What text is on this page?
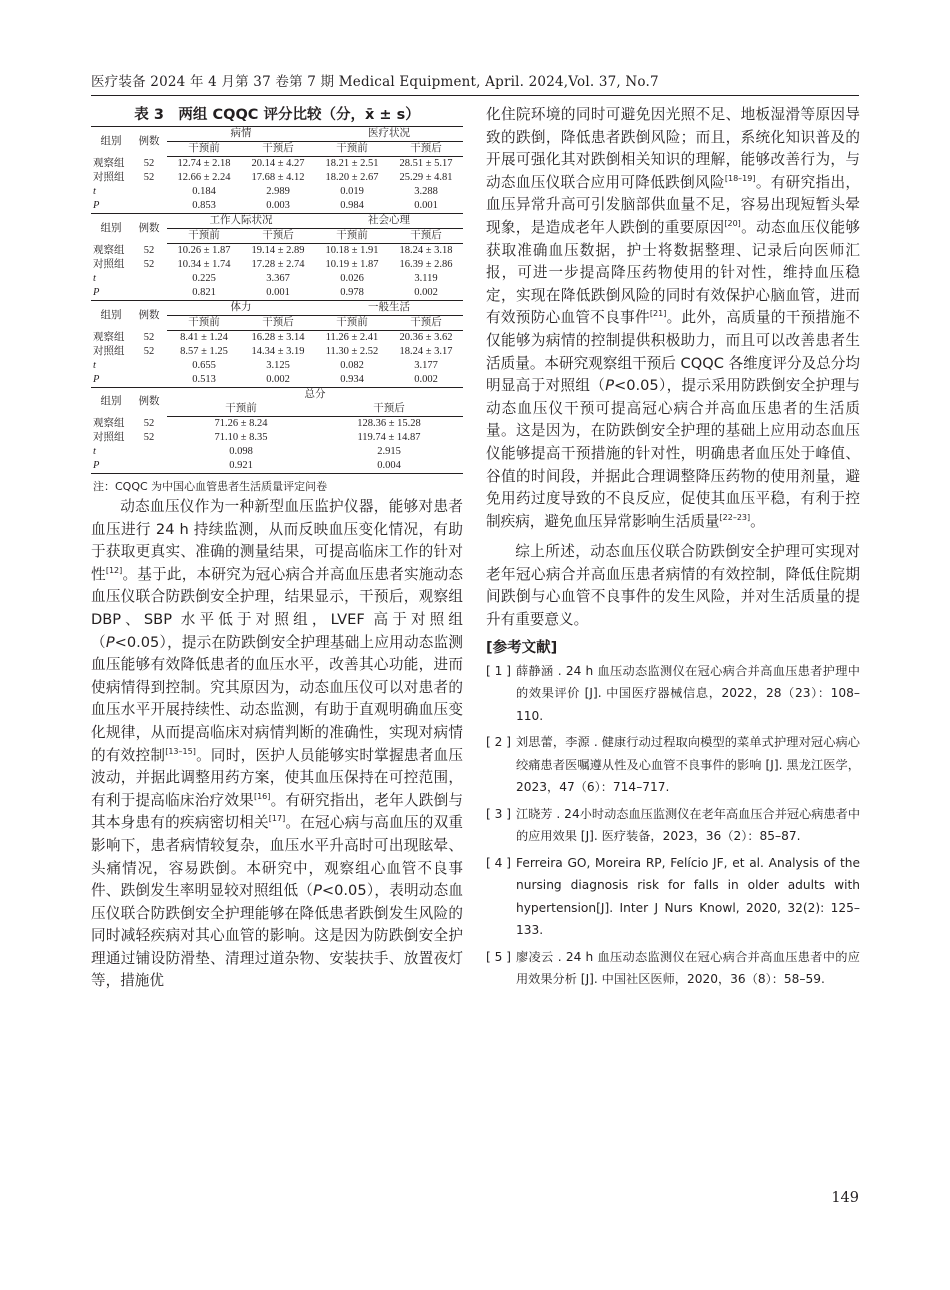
医疗装备 2024 年 4 月第 37 卷第 7 期 Medical Equipment, April. 2024,Vol. 37, No.7
表 3　两组 CQQC 评分比较（分，x̄ ± s）
组别	例数	病情		医疗状况	
		干预前	干预后	干预前	干预后
观察组	52	12.74 ± 2.18	20.14 ± 4.27	18.21 ± 2.51	28.51 ± 5.17
对照组	52	12.66 ± 2.24	17.68 ± 4.12	18.20 ± 2.67	25.29 ± 4.81
t		0.184	2.989	0.019	3.288
P		0.853	0.003	0.984	0.001
组别	例数	工作人际状况		社会心理	
		干预前	干预后	干预前	干预后
观察组	52	10.26 ± 1.87	19.14 ± 2.89	10.18 ± 1.91	18.24 ± 3.18
对照组	52	10.34 ± 1.74	17.28 ± 2.74	10.19 ± 1.87	16.39 ± 2.86
t		0.225	3.367	0.026	3.119
P		0.821	0.001	0.978	0.002
组别	例数	体力		一般生活	
		干预前	干预后	干预前	干预后
观察组	52	8.41 ± 1.24	16.28 ± 3.14	11.26 ± 2.41	20.36 ± 3.62
对照组	52	8.57 ± 1.25	14.34 ± 3.19	11.30 ± 2.52	18.24 ± 3.17
t		0.655	3.125	0.082	3.177
P		0.513	0.002	0.934	0.002
组别	例数	总分			
		干预前		干预后	
观察组	52	71.26 ± 8.24		128.36 ± 15.28	
对照组	52	71.10 ± 8.35		119.74 ± 14.87	
t		0.098		2.915	
P		0.921		0.004	
注：CQQC 为中国心血管患者生活质量评定问卷

动态血压仪作为一种新型血压监护仪器，能够对患者血压进行 24 h 持续监测，从而反映血压变化情况，有助于获取更真实、准确的测量结果，可提高临床工作的针对性[12]。基于此，本研究为冠心病合并高血压患者实施动态血压仪联合防跌倒安全护理，结果显示，干预后，观察组 DBP、SBP 水平低于对照组，LVEF 高于对照组（P<0.05），提示在防跌倒安全护理基础上应用动态监测血压能够有效降低患者的血压水平，改善其心功能，进而使病情得到控制。究其原因为，动态血压仪可以对患者的血压水平开展持续性、动态监测，有助于直观明确血压变化规律，从而提高临床对病情判断的准确性，实现对病情的有效控制[13–15]。同时，医护人员能够实时掌握患者血压波动，并据此调整用药方案，使其血压保持在可控范围，有利于提高临床治疗效果[16]。有研究指出，老年人跌倒与其本身患有的疾病密切相关[17]。在冠心病与高血压的双重影响下，患者病情较复杂，血压水平升高时可出现眩晕、头痛情况，容易跌倒。本研究中，观察组心血管不良事件、跌倒发生率明显较对照组低（P<0.05），表明动态血压仪联合防跌倒安全护理能够在降低患者跌倒发生风险的同时减轻疾病对其心血管的影响。这是因为防跌倒安全护理通过铺设防滑垫、清理过道杂物、安装扶手、放置夜灯等，措施优

化住院环境的同时可避免因光照不足、地板湿滑等原因导致的跌倒，降低患者跌倒风险；而且，系统化知识普及的开展可强化其对跌倒相关知识的理解，能够改善行为，与动态血压仪联合应用可降低跌倒风险[18–19]。有研究指出，血压异常升高可引发脑部供血量不足，容易出现短暂头晕现象，是造成老年人跌倒的重要原因[20]。动态血压仪能够获取准确血压数据，护士将数据整理、记录后向医师汇报，可进一步提高降压药物使用的针对性，维持血压稳定，实现在降低跌倒风险的同时有效保护心脑血管，进而有效预防心血管不良事件[21]。此外，高质量的干预措施不仅能够为病情的控制提供积极助力，而且可以改善患者生活质量。本研究观察组干预后 CQQC 各维度评分及总分均明显高于对照组（P<0.05），提示采用防跌倒安全护理与动态血压仪干预可提高冠心病合并高血压患者的生活质量。这是因为，在防跌倒安全护理的基础上应用动态血压仪能够提高干预措施的针对性，明确患者血压处于峰值、谷值的时间段，并据此合理调整降压药物的使用剂量，避免用药过度导致的不良反应，促使其血压平稳，有利于控制疾病，避免血压异常影响生活质量[22–23]。

综上所述，动态血压仪联合防跌倒安全护理可实现对老年冠心病合并高血压患者病情的有效控制，降低住院期间跌倒与心血管不良事件的发生风险，并对生活质量的提升有重要意义。

[参考文献]
[ 1 ] 薛静涵 . 24 h 血压动态监测仪在冠心病合并高血压患者护理中的效果评价 [J]. 中国医疗器械信息，2022，28（23）：108–110.
[ 2 ] 刘思蕾，李源 . 健康行动过程取向模型的菜单式护理对冠心病心绞痛患者医嘱遵从性及心血管不良事件的影响 [J]. 黑龙江医学，2023，47（6）：714–717.
[ 3 ] 江晓芳 . 24小时动态血压监测仪在老年高血压合并冠心病患者中的应用效果 [J]. 医疗装备，2023，36（2）：85–87.
[ 4 ] Ferreira GO, Moreira RP, Felício JF, et al. Analysis of the nursing diagnosis risk for falls in older adults with hypertension[J]. Inter J Nurs Knowl, 2020, 32(2): 125–133.
[ 5 ] 廖凌云 . 24 h 血压动态监测仪在冠心病合并高血压患者中的应用效果分析 [J]. 中国社区医师，2020，36（8）：58–59.
149
